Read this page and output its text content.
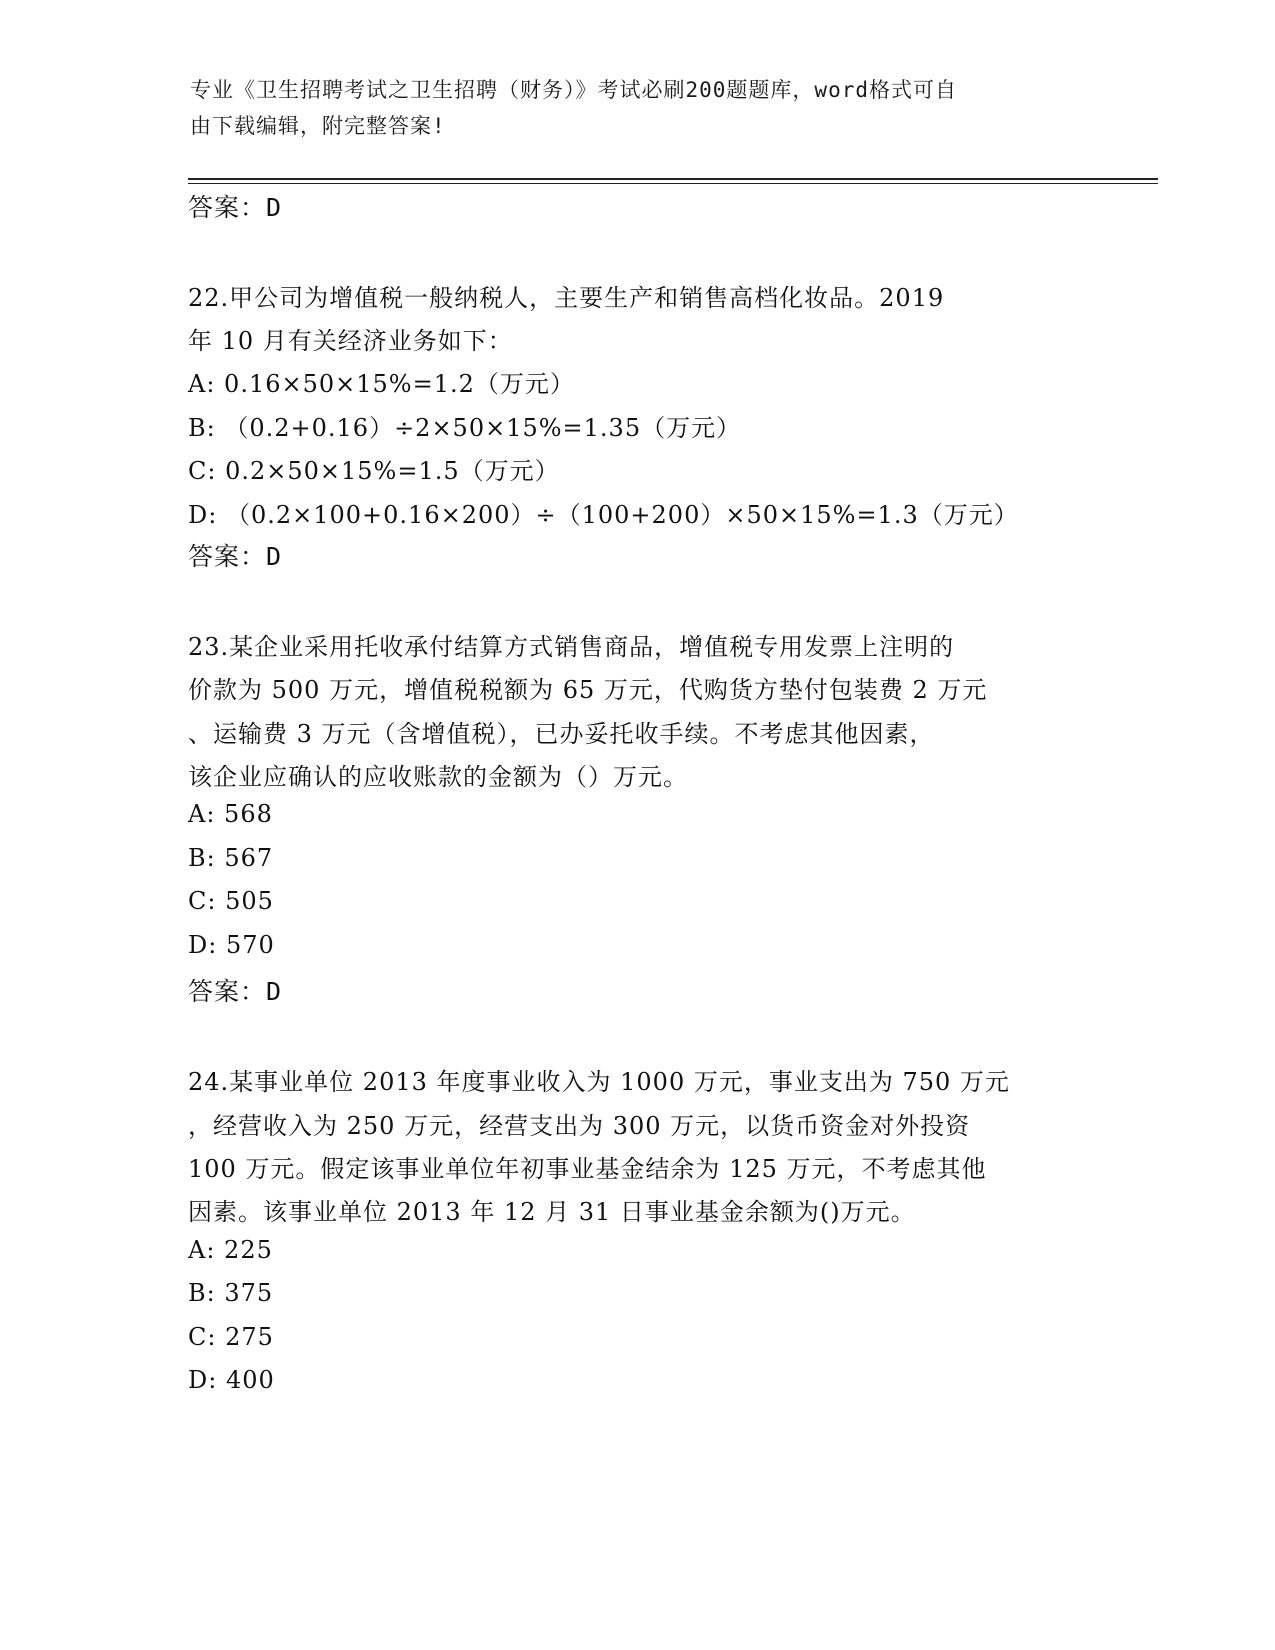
专业《卫生招聘考试之卫生招聘（财务）》考试必刷200题题库，word格式可自
由下载编辑，附完整答案!
答案：D
22.甲公司为增值税一般纳税人，主要生产和销售高档化妆品。2019
年 10 月有关经济业务如下：
A: 0.16×50×15%=1.2（万元）
B: （0.2+0.16）÷2×50×15%=1.35（万元）
C: 0.2×50×15%=1.5（万元）
D: （0.2×100+0.16×200）÷（100+200）×50×15%=1.3（万元）
答案：D
23.某企业采用托收承付结算方式销售商品，增值税专用发票上注明的
价款为 500 万元，增值税税额为 65 万元，代购货方垫付包装费 2 万元
、运输费 3 万元（含增值税），已办妥托收手续。不考虑其他因素，
该企业应确认的应收账款的金额为（）万元。
A: 568
B: 567
C: 505
D: 570
答案：D
24.某事业单位 2013 年度事业收入为 1000 万元，事业支出为 750 万元
，经营收入为 250 万元，经营支出为 300 万元，以货币资金对外投资
100 万元。假定该事业单位年初事业基金结余为 125 万元，不考虑其他
因素。该事业单位 2013 年 12 月 31 日事业基金余额为()万元。
A: 225
B: 375
C: 275
D: 400
